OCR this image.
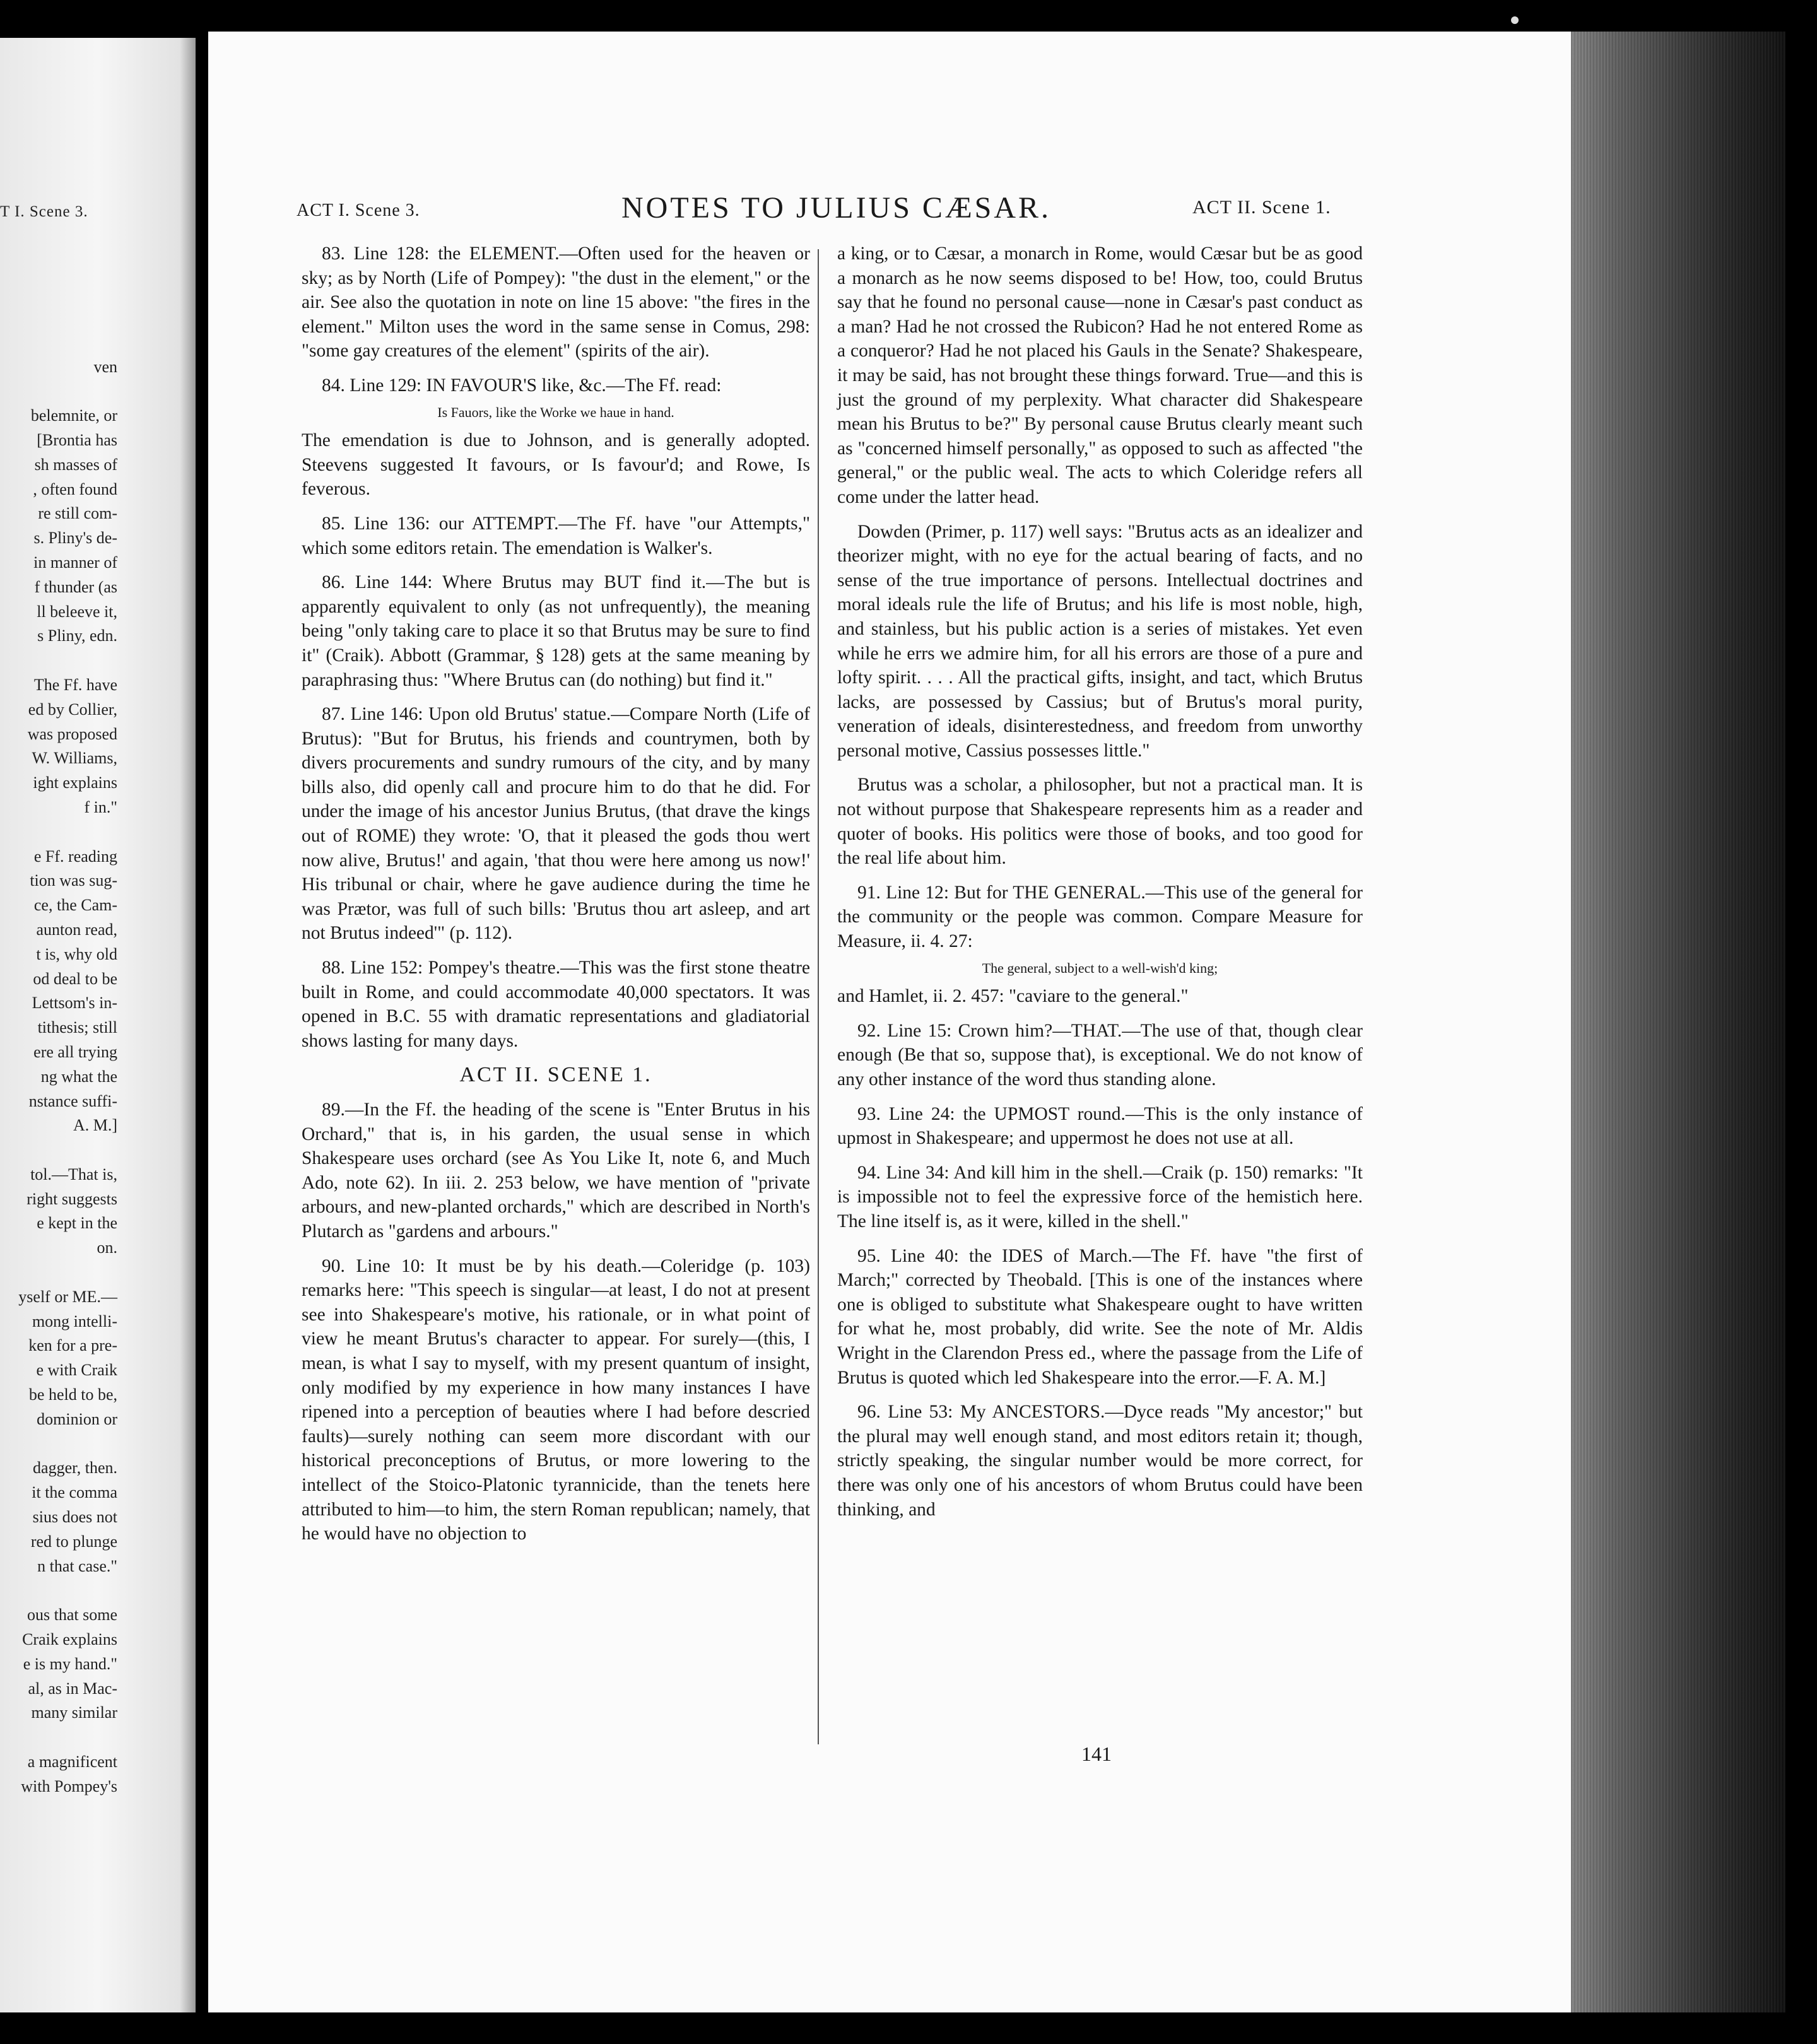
T I. Scene 3.
ven
belemnite, or
[Brontia has
sh masses of
, often found
re still com-
s. Pliny's de-
in manner of
f thunder (as
ll beleeve it,
s Pliny, edn.
The Ff. have
ed by Collier,
was proposed
W. Williams,
ight explains
f in."
e Ff. reading
tion was sug-
ce, the Cam-
aunton read,
t is, why old
od deal to be
Lettsom's in-
tithesis; still
ere all trying
ng what the
nstance suffi-
A. M.]
tol.—That is,
right suggests
e kept in the
on.
yself or ME.—
mong intelli-
ken for a pre-
e with Craik
be held to be,
dominion or
dagger, then.
it the comma
sius does not
red to plunge
n that case."
ous that some
Craik explains
e is my hand."
al, as in Mac-
many similar
a magnificent
with Pompey's
ACT I. Scene 3.	NOTES TO JULIUS CÆSAR.	ACT II. Scene 1.

83. Line 128: the ELEMENT.—Often used for the heaven or sky; as by North (Life of Pompey): "the dust in the element," or the air. See also the quotation in note on line 15 above: "the fires in the element." Milton uses the word in the same sense in Comus, 298: "some gay creatures of the element" (spirits of the air).

84. Line 129: IN FAVOUR'S like, &c.—The Ff. read:

Is Fauors, like the Worke we haue in hand.

The emendation is due to Johnson, and is generally adopted. Steevens suggested It favours, or Is favour'd; and Rowe, Is feverous.

85. Line 136: our ATTEMPT.—The Ff. have "our Attempts," which some editors retain. The emendation is Walker's.

86. Line 144: Where Brutus may BUT find it.—The but is apparently equivalent to only (as not unfrequently), the meaning being "only taking care to place it so that Brutus may be sure to find it" (Craik). Abbott (Grammar, § 128) gets at the same meaning by paraphrasing thus: "Where Brutus can (do nothing) but find it."

87. Line 146: Upon old Brutus' statue.—Compare North (Life of Brutus): "But for Brutus, his friends and countrymen, both by divers procurements and sundry rumours of the city, and by many bills also, did openly call and procure him to do that he did. For under the image of his ancestor Junius Brutus, (that drave the kings out of ROME) they wrote: 'O, that it pleased the gods thou wert now alive, Brutus!' and again, 'that thou were here among us now!' His tribunal or chair, where he gave audience during the time he was Prætor, was full of such bills: 'Brutus thou art asleep, and art not Brutus indeed'" (p. 112).

88. Line 152: Pompey's theatre.—This was the first stone theatre built in Rome, and could accommodate 40,000 spectators. It was opened in B.C. 55 with dramatic representations and gladiatorial shows lasting for many days.

ACT II. SCENE 1.

89.—In the Ff. the heading of the scene is "Enter Brutus in his Orchard," that is, in his garden, the usual sense in which Shakespeare uses orchard (see As You Like It, note 6, and Much Ado, note 62). In iii. 2. 253 below, we have mention of "private arbours, and new-planted orchards," which are described in North's Plutarch as "gardens and arbours."

90. Line 10: It must be by his death.—Coleridge (p. 103) remarks here: "This speech is singular—at least, I do not at present see into Shakespeare's motive, his rationale, or in what point of view he meant Brutus's character to appear. For surely—(this, I mean, is what I say to myself, with my present quantum of insight, only modified by my experience in how many instances I have ripened into a perception of beauties where I had before descried faults)—surely nothing can seem more discordant with our historical preconceptions of Brutus, or more lowering to the intellect of the Stoico-Platonic tyrannicide, than the tenets here attributed to him—to him, the stern Roman republican; namely, that he would have no objection to

a king, or to Cæsar, a monarch in Rome, would Cæsar but be as good a monarch as he now seems disposed to be! How, too, could Brutus say that he found no personal cause—none in Cæsar's past conduct as a man? Had he not crossed the Rubicon? Had he not entered Rome as a conqueror? Had he not placed his Gauls in the Senate? Shakespeare, it may be said, has not brought these things forward. True—and this is just the ground of my perplexity. What character did Shakespeare mean his Brutus to be?" By personal cause Brutus clearly meant such as "concerned himself personally," as opposed to such as affected "the general," or the public weal. The acts to which Coleridge refers all come under the latter head.

Dowden (Primer, p. 117) well says: "Brutus acts as an idealizer and theorizer might, with no eye for the actual bearing of facts, and no sense of the true importance of persons. Intellectual doctrines and moral ideals rule the life of Brutus; and his life is most noble, high, and stainless, but his public action is a series of mistakes. Yet even while he errs we admire him, for all his errors are those of a pure and lofty spirit. . . . All the practical gifts, insight, and tact, which Brutus lacks, are possessed by Cassius; but of Brutus's moral purity, veneration of ideals, disinterestedness, and freedom from unworthy personal motive, Cassius possesses little."

Brutus was a scholar, a philosopher, but not a practical man. It is not without purpose that Shakespeare represents him as a reader and quoter of books. His politics were those of books, and too good for the real life about him.

91. Line 12: But for THE GENERAL.—This use of the general for the community or the people was common. Compare Measure for Measure, ii. 4. 27:

The general, subject to a well-wish'd king;

and Hamlet, ii. 2. 457: "caviare to the general."

92. Line 15: Crown him?—THAT.—The use of that, though clear enough (Be that so, suppose that), is exceptional. We do not know of any other instance of the word thus standing alone.

93. Line 24: the UPMOST round.—This is the only instance of upmost in Shakespeare; and uppermost he does not use at all.

94. Line 34: And kill him in the shell.—Craik (p. 150) remarks: "It is impossible not to feel the expressive force of the hemistich here. The line itself is, as it were, killed in the shell."

95. Line 40: the IDES of March.—The Ff. have "the first of March;" corrected by Theobald. [This is one of the instances where one is obliged to substitute what Shakespeare ought to have written for what he, most probably, did write. See the note of Mr. Aldis Wright in the Clarendon Press ed., where the passage from the Life of Brutus is quoted which led Shakespeare into the error.—F. A. M.]

96. Line 53: My ANCESTORS.—Dyce reads "My ancestor;" but the plural may well enough stand, and most editors retain it; though, strictly speaking, the singular number would be more correct, for there was only one of his ancestors of whom Brutus could have been thinking, and

141
